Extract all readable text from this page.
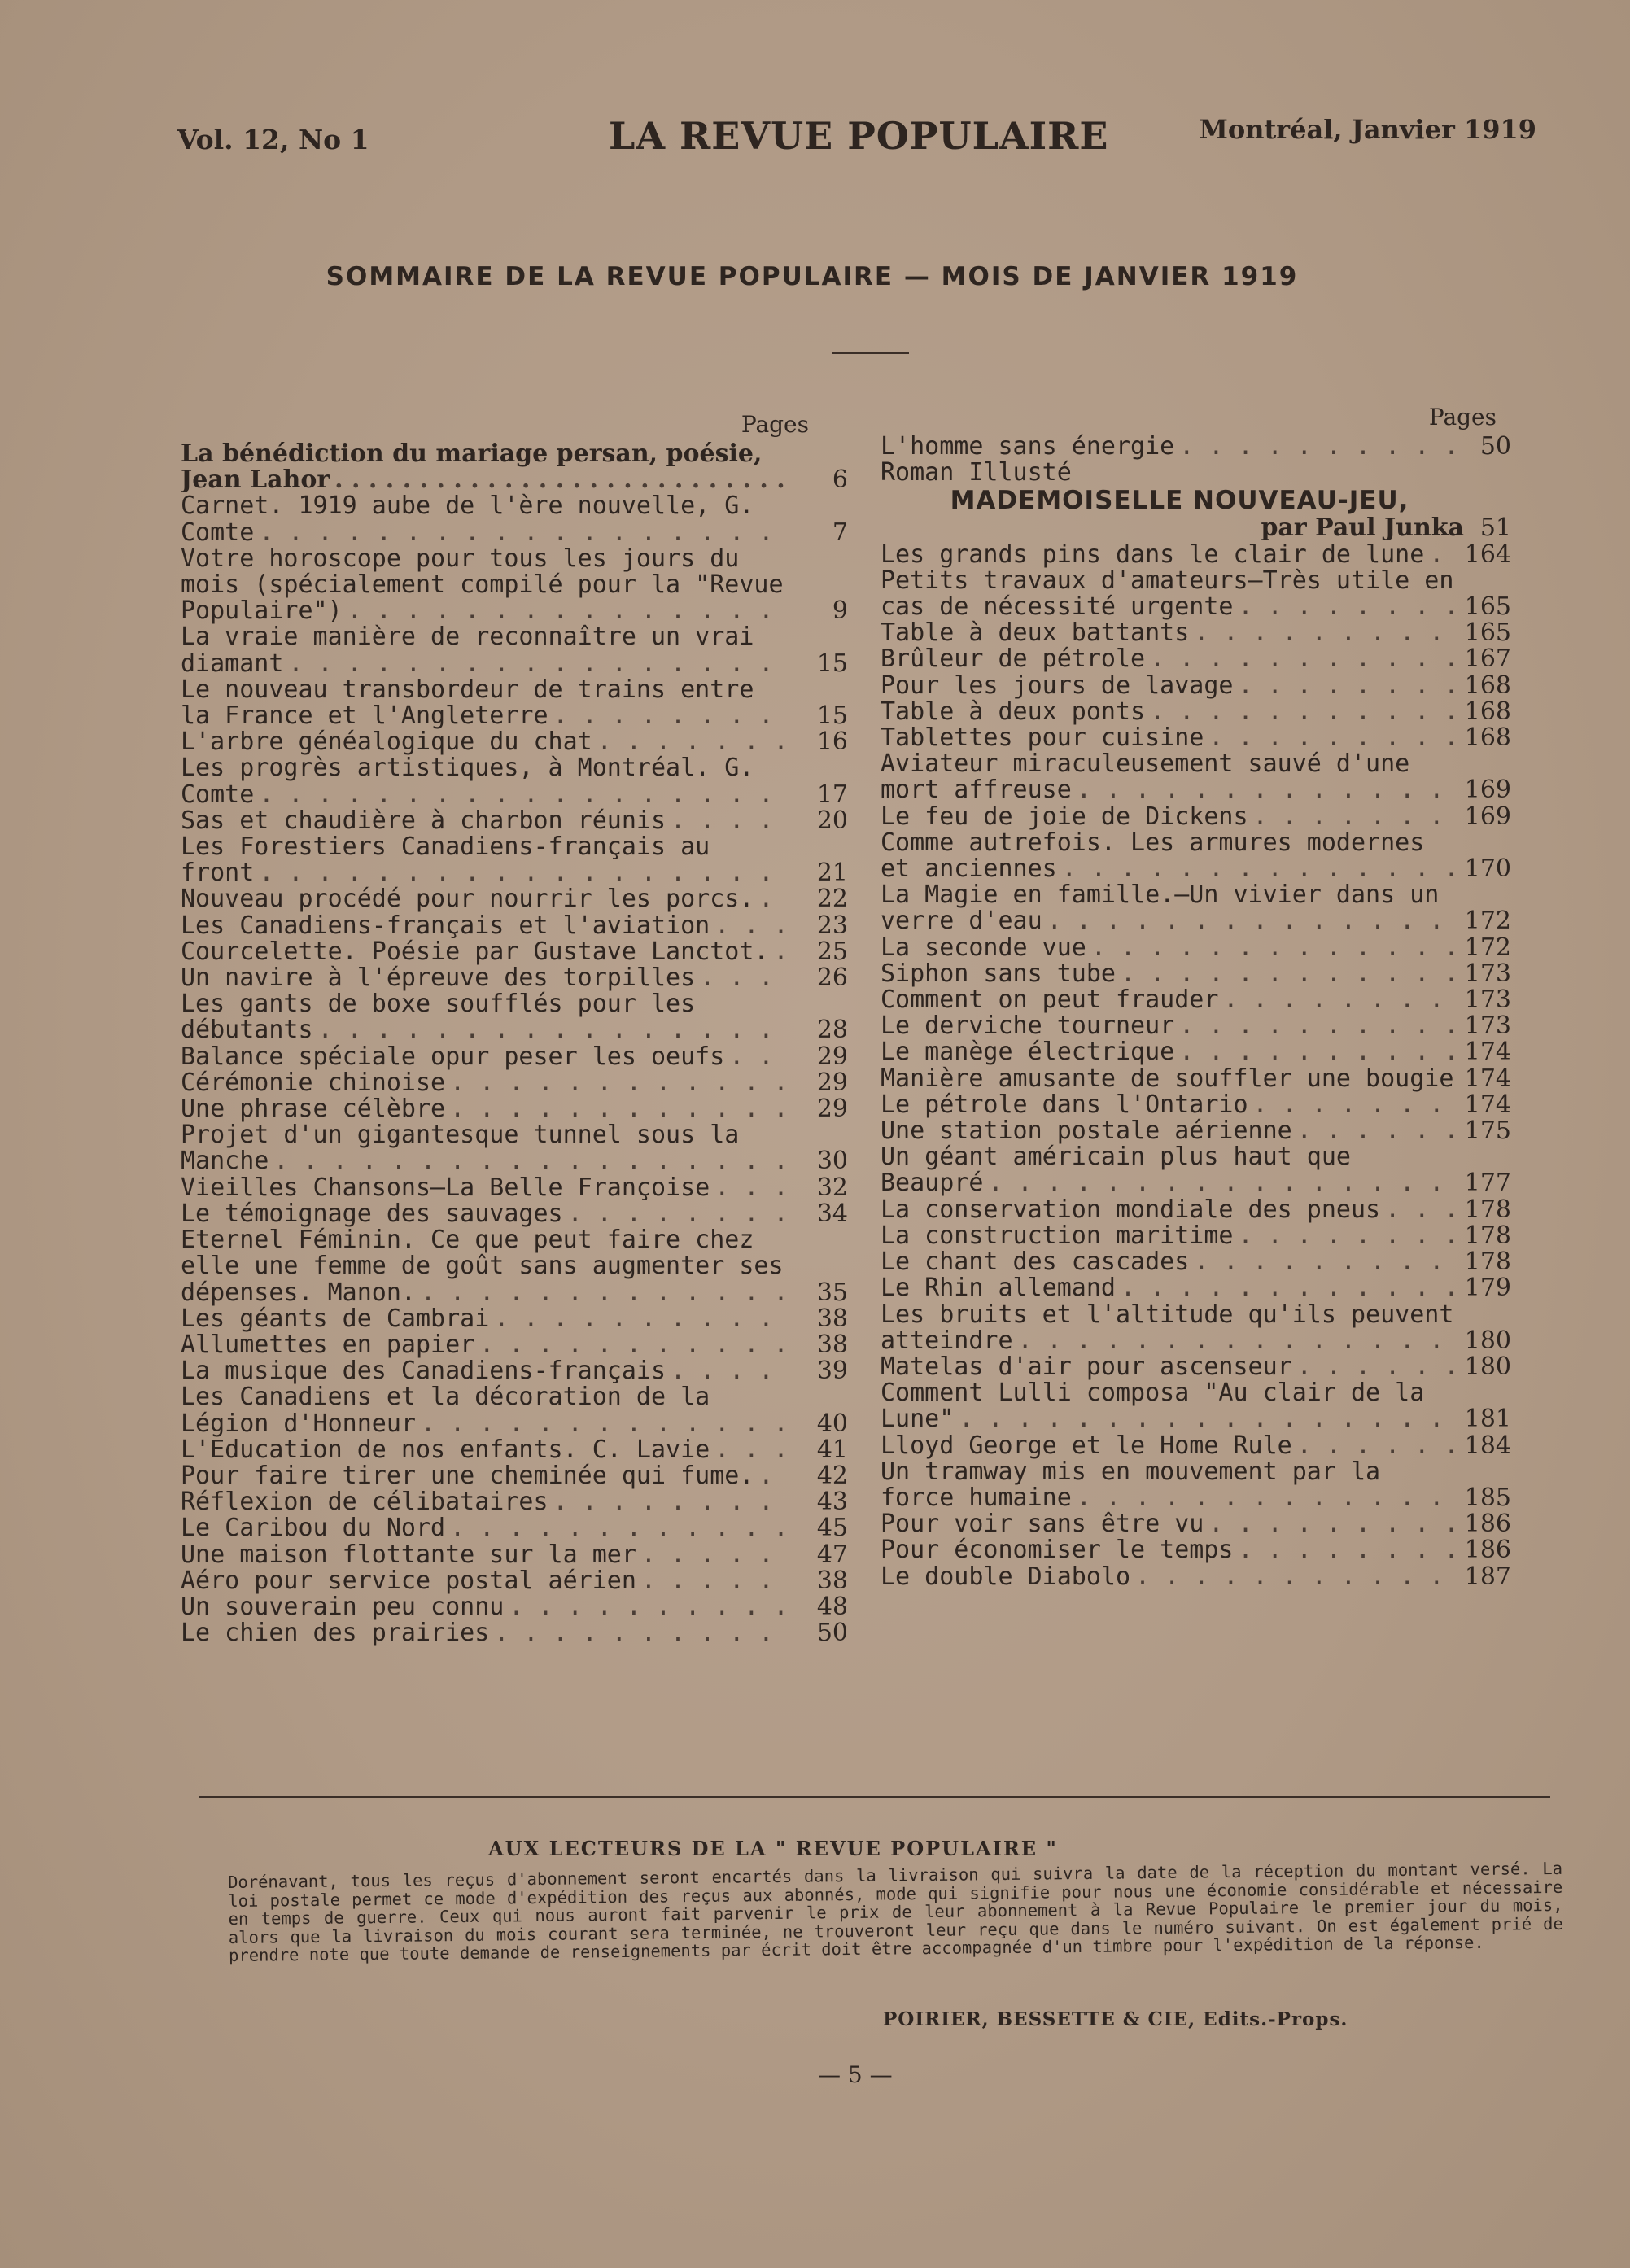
Vol. 12, No 1	LA REVUE POPULAIRE	Montréal, Janvier 1919
SOMMAIRE DE LA REVUE POPULAIRE — MOIS DE JANVIER 1919
Pages
La bénédiction du mariage persan, poésie, Jean Lahor . . .	6
Carnet. 1919 aube de l'ère nouvelle, G. Comte . . .	7
Votre horoscope pour tous les jours du mois (spécialement compilé pour la "Revue Populaire") . . .	9
La vraie manière de reconnaître un vrai diamant . . .	15
Le nouveau transbordeur de trains entre la France et l'Angleterre . . .	15
L'arbre généalogique du chat . . .	16
Les progrès artistiques, à Montréal. G. Comte . . .	17
Sas et chaudière à charbon réunis . . .	20
Les Forestiers Canadiens-français au front . . .	21
Nouveau procédé pour nourrir les porcs. . . .	22
Les Canadiens-français et l'aviation . . .	23
Courcelette. Poésie par Gustave Lanctot. . . .	25
Un navire à l'épreuve des torpilles . . .	26
Les gants de boxe soufflés pour les débutants . . .	28
Balance spéciale opur peser les oeufs . . .	29
Cérémonie chinoise . . .	29
Une phrase célèbre . . .	29
Projet d'un gigantesque tunnel sous la Manche . . .	30
Vieilles Chansons—La Belle Françoise . . .	32
Le témoignage des sauvages . . .	34
Eternel Féminin. Ce que peut faire chez elle une femme de goût sans augmenter ses dépenses. Manon. . . .	35
Les géants de Cambrai . . .	38
Allumettes en papier . . .	38
La musique des Canadiens-français . . .	39
Les Canadiens et la décoration de la Légion d'Honneur . . .	40
L'Education de nos enfants. C. Lavie . . .	41
Pour faire tirer une cheminée qui fume. . . .	42
Réflexion de célibataires . . .	43
Le Caribou du Nord . . .	45
Une maison flottante sur la mer . . .	47
Aéro pour service postal aérien . . .	38
Un souverain peu connu . . .	48
Le chien des prairies . . .	50
Pages
L'homme sans énergie . . .	50
Roman Illusté
MADEMOISELLE NOUVEAU-JEU,
par Paul Junka . . . 51
Les grands pins dans le clair de lune . . .	164
Petits travaux d'amateurs—Très utile en cas de nécessité urgente . . .	165
Table à deux battants . . .	165
Brûleur de pétrole . . .	167
Pour les jours de lavage . . .	168
Table à deux ponts . . .	168
Tablettes pour cuisine . . .	168
Aviateur miraculeusement sauvé d'une mort affreuse . . .	169
Le feu de joie de Dickens . . .	169
Comme autrefois. Les armures modernes et anciennes . . .	170
La Magie en famille.—Un vivier dans un verre d'eau . . .	172
La seconde vue . . .	172
Siphon sans tube . . .	173
Comment on peut frauder . . .	173
Le derviche tourneur . . .	173
Le manège électrique . . .	174
Manière amusante de souffler une bougie . . . 174
Le pétrole dans l'Ontario . . .	174
Une station postale aérienne . . .	175
Un géant américain plus haut que Beaupré . . .	177
La conservation mondiale des pneus . . .	178
La construction maritime . . .	178
Le chant des cascades . . .	178
Le Rhin allemand . . .	179
Les bruits et l'altitude qu'ils peuvent atteindre . . .	180
Matelas d'air pour ascenseur . . .	180
Comment Lulli composa "Au clair de la Lune" . . .	181
Lloyd George et le Home Rule . . .	184
Un tramway mis en mouvement par la force humaine . . .	185
Pour voir sans être vu . . .	186
Pour économiser le temps . . .	186
Le double Diabolo . . .	187
AUX LECTEURS DE LA " REVUE POPULAIRE "
Dorénavant, tous les reçus d'abonnement seront encartés dans la livraison qui suivra la date de la réception du montant versé. La loi postale permet ce mode d'expédition des reçus aux abonnés, mode qui signifie pour nous une économie considérable et nécessaire en temps de guerre. Ceux qui nous auront fait parvenir le prix de leur abonnement à la Revue Populaire le premier jour du mois, alors que la livraison du mois courant sera terminée, ne trouveront leur reçu que dans le numéro suivant. On est également prié de prendre note que toute demande de renseignements par écrit doit être accompagnée d'un timbre pour l'expédition de la réponse.
POIRIER, BESSETTE & CIE, Edits.-Props.
— 5 —
